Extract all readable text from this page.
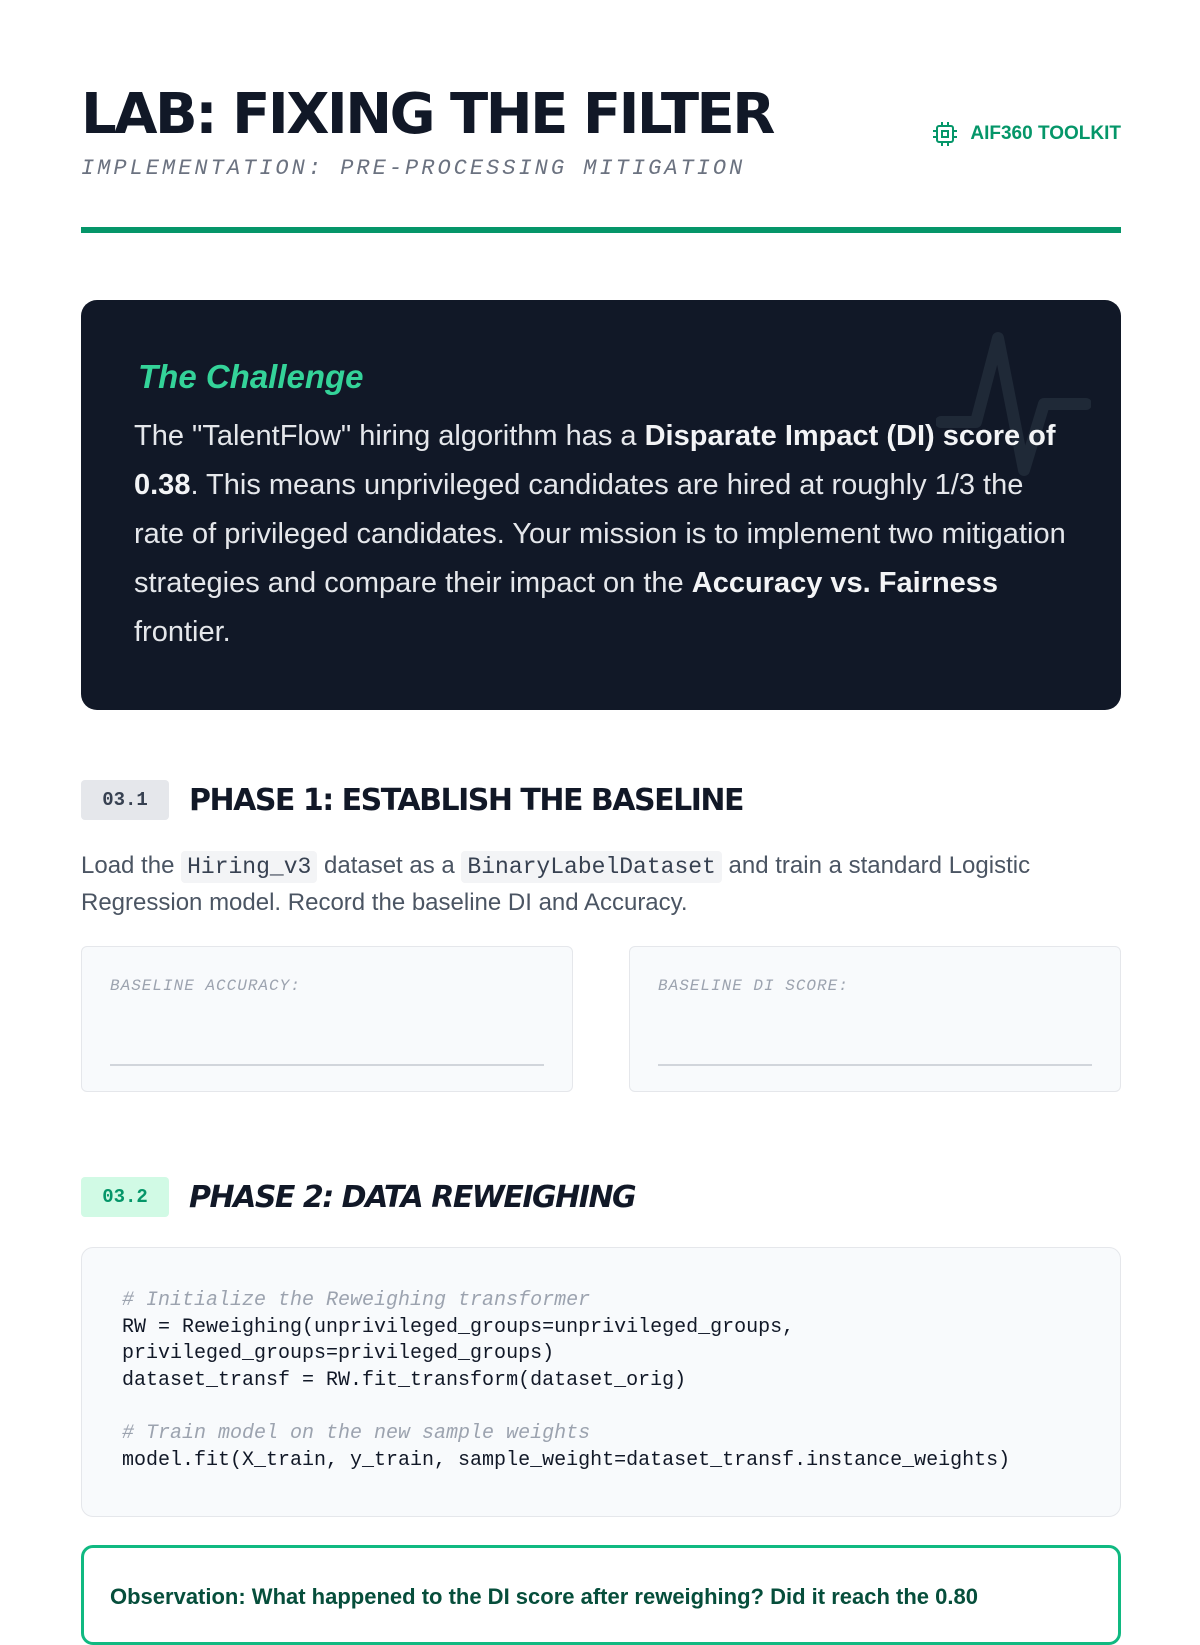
LAB: FIXING THE FILTER
IMPLEMENTATION: PRE-PROCESSING MITIGATION
AIF360 TOOLKIT
The Challenge
The "TalentFlow" hiring algorithm has a Disparate Impact (DI) score of 0.38. This means unprivileged candidates are hired at roughly 1/3 the rate of privileged candidates. Your mission is to implement two mitigation strategies and compare their impact on the Accuracy vs. Fairness frontier.
03.1	PHASE 1: ESTABLISH THE BASELINE
Load the Hiring_v3 dataset as a BinaryLabelDataset and train a standard Logistic Regression model. Record the baseline DI and Accuracy.
BASELINE ACCURACY:	BASELINE DI SCORE:
03.2	PHASE 2: DATA REWEIGHING
# Initialize the Reweighing transformer
RW = Reweighing(unprivileged_groups=unprivileged_groups,
privileged_groups=privileged_groups)
dataset_transf = RW.fit_transform(dataset_orig)
# Train model on the new sample weights
model.fit(X_train, y_train, sample_weight=dataset_transf.instance_weights)
Observation: What happened to the DI score after reweighing? Did it reach the 0.80
